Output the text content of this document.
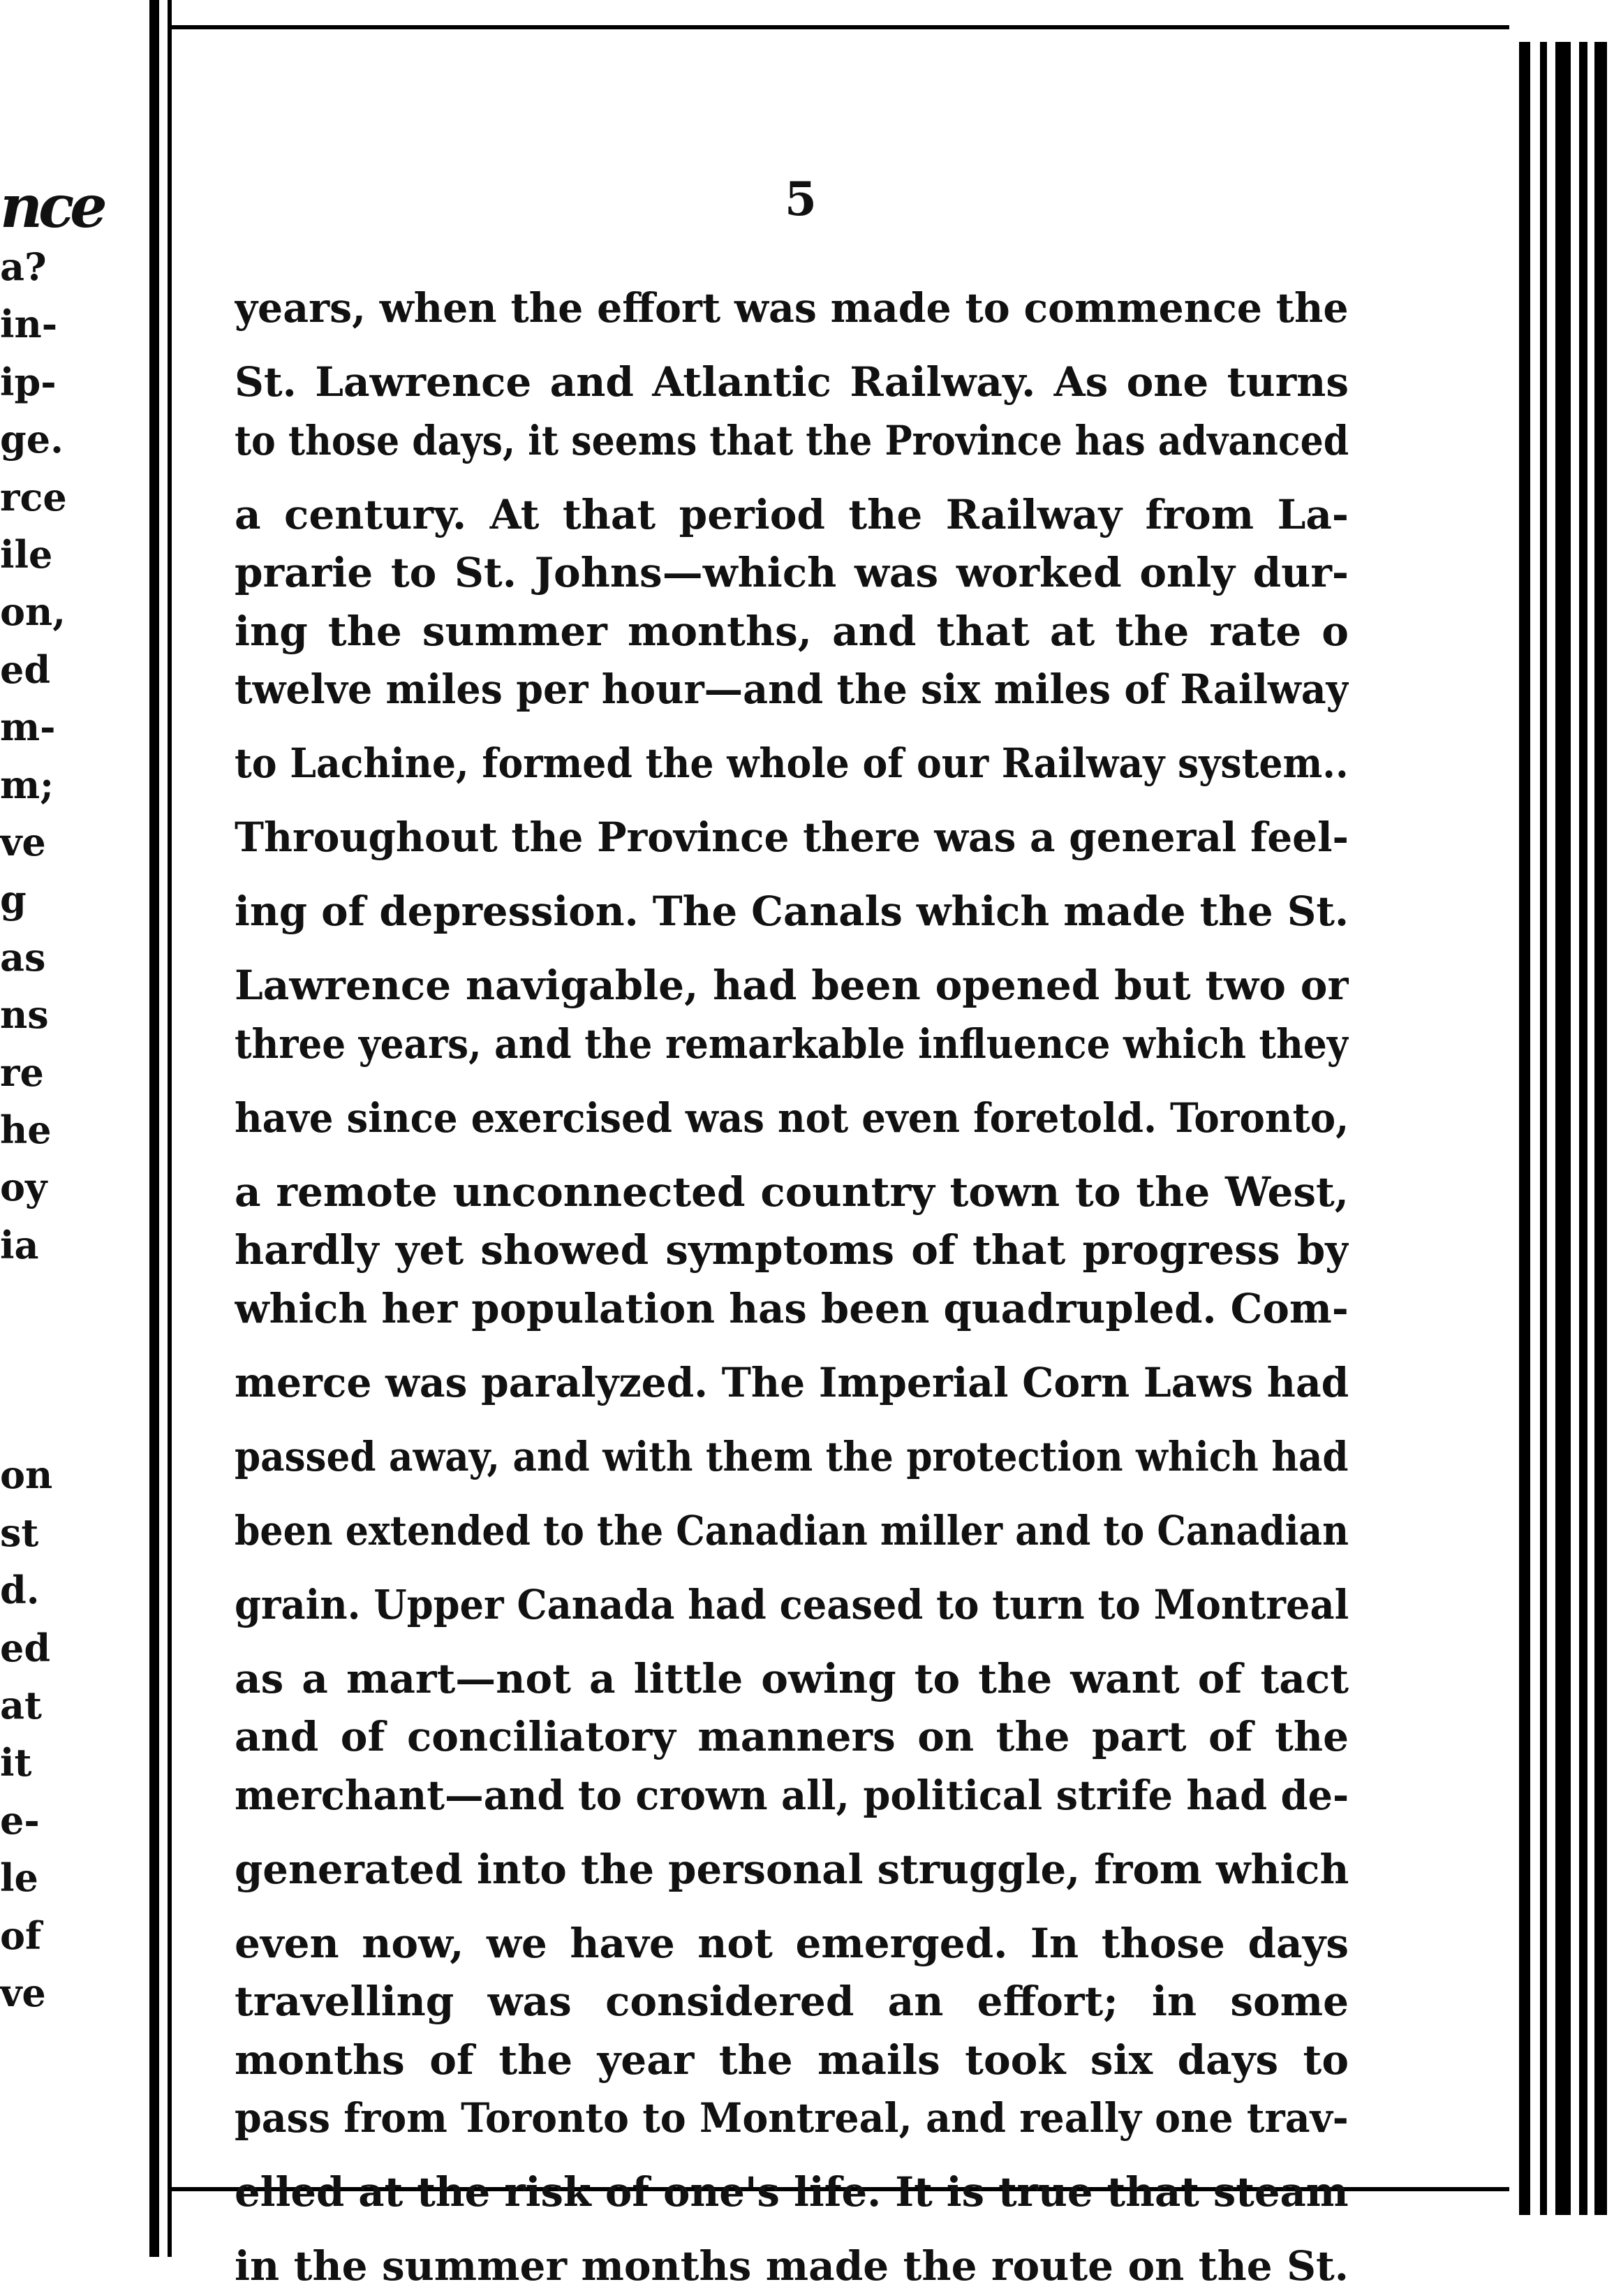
nce
a?
in-
ip-
ge.
rce
ile
on,
ed
m-
m;
ve
g
as
ns
re
he
oy
ia
on
st
d.
ed
at
it
e-
le
of
ve
5
years, when the effort was made to commence the
St. Lawrence and Atlantic Railway. As one turns
to those days, it seems that the Province has advanced
a century. At that period the Railway from La-
prarie to St. Johns—which was worked only dur-
ing the summer months, and that at the rate o
twelve miles per hour—and the six miles of Railwayto Lachine, formed the whole of our Railway system..Throughout the Province there was a general feel-ing of depression. The Canals which made the St.
Lawrence navigable, had been opened but two or
three years, and the remarkable influence which theyhave since exercised was not even foretold. Toronto,
a remote unconnected country town to the West,
hardly yet showed symptoms of that progress by
which her population has been quadrupled. Com-merce was paralyzed. The Imperial Corn Laws hadpassed away, and with them the protection which hadbeen extended to the Canadian miller and to Canadiangrain. Upper Canada had ceased to turn to Montreal
as a mart—not a little owing to the want of tact
and of conciliatory manners on the part of the
merchant—and to crown all, political strife had de-generated into the personal struggle, from which
even now, we have not emerged. In those days
travelling was considered an effort; in some
months of the year the mails took six days to
pass from Toronto to Montreal, and really one trav-elled at the risk of one's life. It is true that steam
in the summer months made the route on the St.
